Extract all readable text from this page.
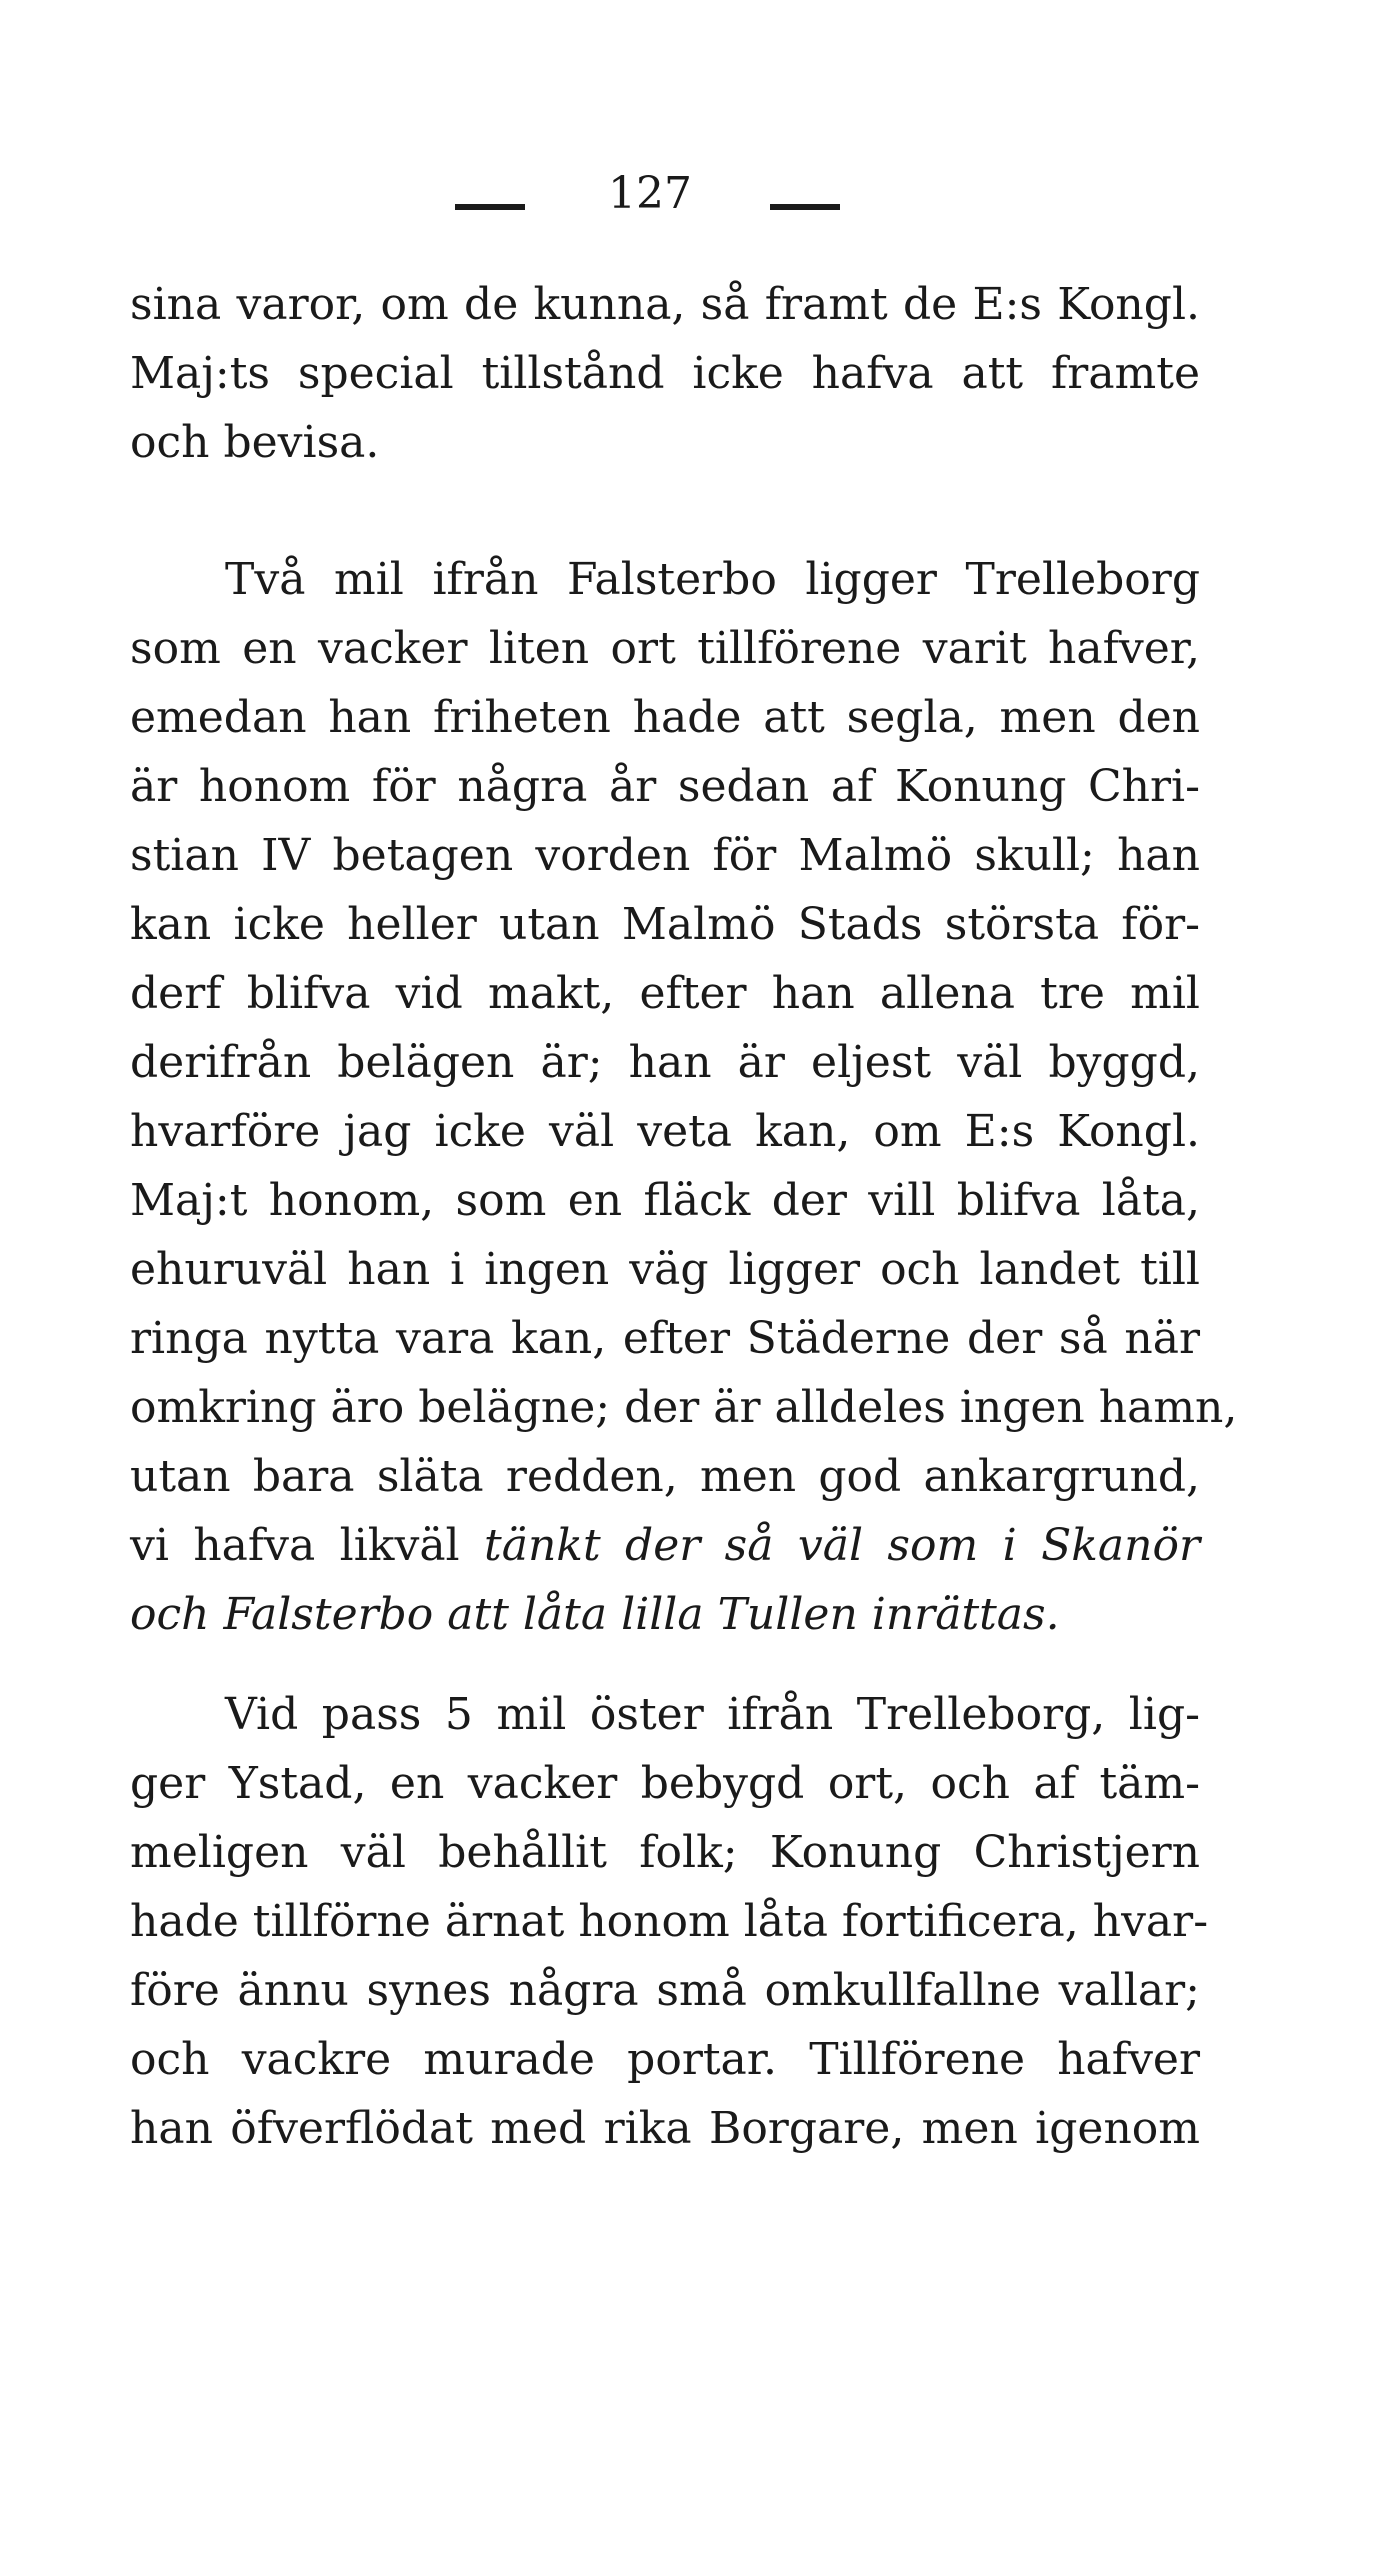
127
sina varor, om de kunna, så framt de E:s Kongl.
Maj:ts special tillstånd icke hafva att framte
och bevisa.
Två mil ifrån Falsterbo ligger Trelleborg
som en vacker liten ort tillförene varit hafver,
emedan han friheten hade att segla, men den
är honom för några år sedan af Konung Chri-
stian IV betagen vorden för Malmö skull; han
kan icke heller utan Malmö Stads största för-
derf blifva vid makt, efter han allena tre mil
derifrån belägen är; han är eljest väl byggd,
hvarföre jag icke väl veta kan, om E:s Kongl.
Maj:t honom, som en fläck der vill blifva låta,
ehuruväl han i ingen väg ligger och landet till
ringa nytta vara kan, efter Städerne der så när
omkring äro belägne; der är alldeles ingen hamn,
utan bara släta redden, men god ankargrund,
vi hafva likväl tänkt der så väl som i Skanör
och Falsterbo att låta lilla Tullen inrättas.
Vid pass 5 mil öster ifrån Trelleborg, lig-
ger Ystad, en vacker bebygd ort, och af täm-
meligen väl behållit folk; Konung Christjern
hade tillförne ärnat honom låta fortificera, hvar-
före ännu synes några små omkullfallne vallar;
och vackre murade portar. Tillförene hafver
han öfverflödat med rika Borgare, men igenom
